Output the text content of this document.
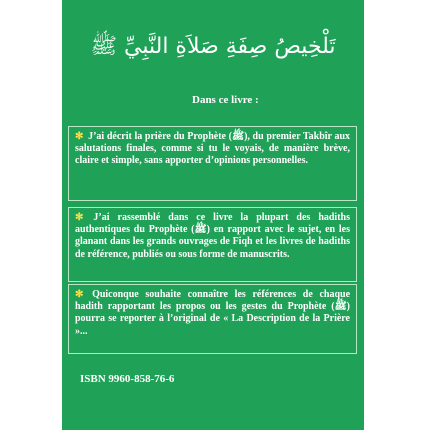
تَلْخِيصُ صِفَةِ صَلاَةِ النَّبِيِّ ﷺ
Dans ce livre :
✻ J’ai décrit la prière du Prophète (ﷺ), du premier Takbîr aux salutations finales, comme si tu le voyais, de manière brève, claire et simple, sans apporter d’opinions personnelles.
✻ J’ai rassemblé dans ce livre la plupart des hadiths authentiques du Prophète (ﷺ) en rapport avec le sujet, en les glanant dans les grands ouvrages de Fiqh et les livres de hadiths de référence, publiés ou sous forme de manuscrits.
✻ Quiconque souhaite connaître les références de chaque hadith rapportant les propos ou les gestes du Prophète (ﷺ) pourra se reporter à l’original de « La Description de la Prière »...
ISBN 9960-858-76-6
